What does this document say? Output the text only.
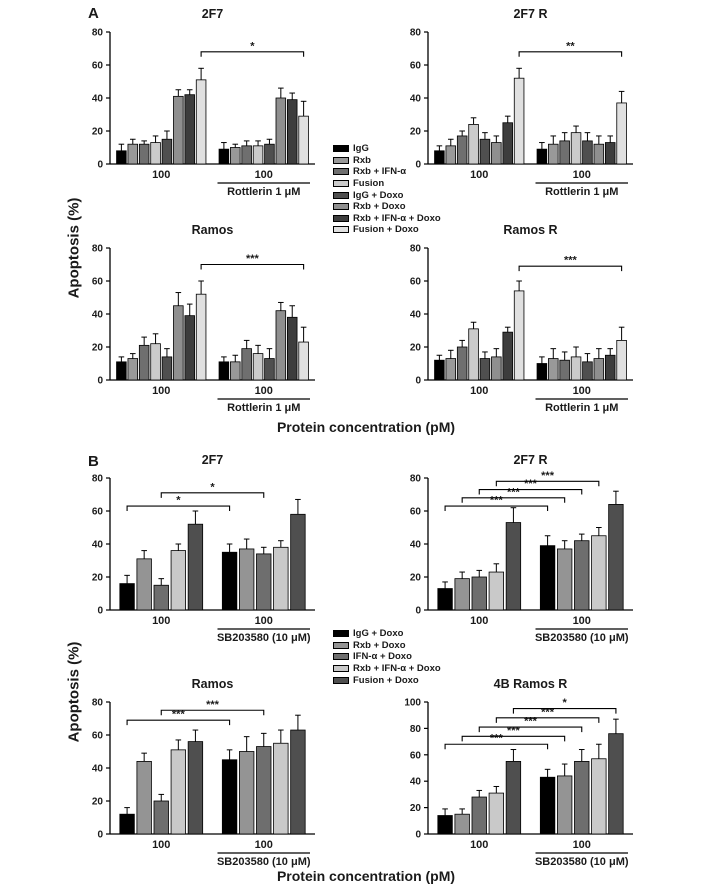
A
B
Apoptosis (%)
Apoptosis (%)
2F7
0
20
40
60
80
100	100
Rottlerin 1 μM
*
2F7 R
0
20
40
60
80
100	100
Rottlerin 1 μM
**
Ramos
0
20
40
60
80
100	100
Rottlerin 1 μM
***
Ramos R
0
20
40
60
80
100	100
Rottlerin 1 μM
***
2F7
0
20
40
60
80
100	100
SB203580 (10 μM)
*
*
2F7 R
0
20
40
60
80
100	100
SB203580 (10 μM)
***
***
***
***
Ramos
0
20
40
60
80
100	100
SB203580 (10 μM)
***
***
4B Ramos R
0
20
40
60
80
100
100	100
SB203580 (10 μM)
***
***
***
***
*
IgG
Rxb
Rxb + IFN-α
Fusion
IgG + Doxo
Rxb + Doxo
Rxb + IFN-α + Doxo
Fusion + Doxo
IgG + Doxo
Rxb + Doxo
IFN-α + Doxo
Rxb + IFN-α + Doxo
Fusion + Doxo
Protein concentration (pM)
Protein concentration (pM)
